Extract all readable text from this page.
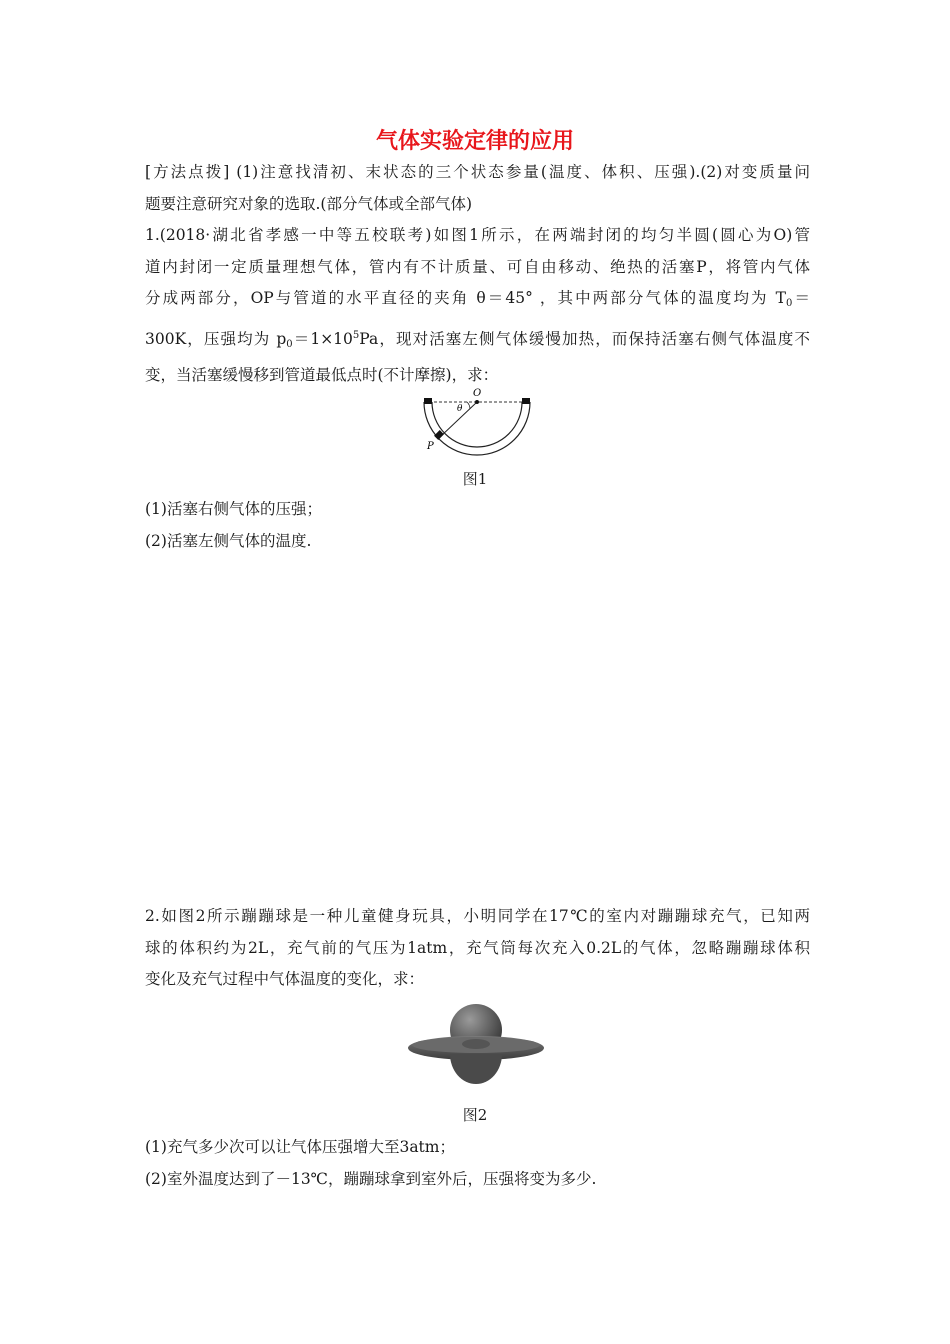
气体实验定律的应用
[方法点拨] (1)注意找清初、末状态的三个状态参量(温度、体积、压强).(2)对变质量问
题要注意研究对象的选取.(部分气体或全部气体)
1.(2018·湖北省孝感一中等五校联考)如图1所示，在两端封闭的均匀半圆(圆心为O)管
道内封闭一定质量理想气体，管内有不计质量、可自由移动、绝热的活塞P，将管内气体
分成两部分，OP与管道的水平直径的夹角 θ＝45° ，其中两部分气体的温度均为 $T_0=$
300K，压强均为 $p_0=1\times 10^5Pa$，现对活塞左侧气体缓慢加热，而保持活塞右侧气体温度不
变，当活塞缓慢移到管道最低点时(不计摩擦)，求：
O
θ
P
图1
(1)活塞右侧气体的压强；
(2)活塞左侧气体的温度.
2.如图2所示蹦蹦球是一种儿童健身玩具，小明同学在17℃的室内对蹦蹦球充气，已知两
球的体积约为2L，充气前的气压为1atm，充气筒每次充入0.2L的气体，忽略蹦蹦球体积
变化及充气过程中气体温度的变化，求：
图2
(1)充气多少次可以让气体压强增大至3atm；
(2)室外温度达到了－13℃，蹦蹦球拿到室外后，压强将变为多少.
